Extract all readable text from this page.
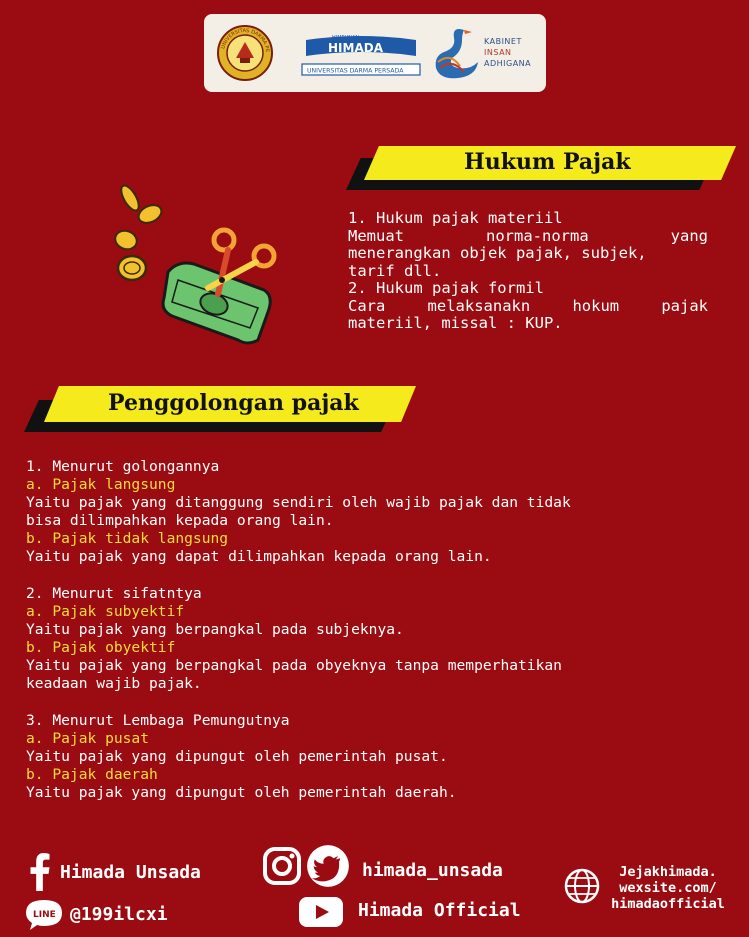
UNIVERSITAS DARMA PE
HIMPUNAN
HIMADA
UNIVERSITAS DARMA PERSADA
KABINET
INSAN
ADHIGANA
Hukum Pajak
1. Hukum pajak materiil
Memuat norma-norma yang
menerangkan objek pajak, subjek,
tarif dll.
2. Hukum pajak formil
Cara melaksanakn hokum pajak
materiil, missal : KUP.
Penggolongan pajak
1. Menurut golongannya
a. Pajak langsung
Yaitu pajak yang ditanggung sendiri oleh wajib pajak dan tidak
bisa dilimpahkan kepada orang lain.
b. Pajak tidak langsung
Yaitu pajak yang dapat dilimpahkan kepada orang lain.
2. Menurut sifatntya
a. Pajak subyektif
Yaitu pajak yang berpangkal pada subjeknya.
b. Pajak obyektif
Yaitu pajak yang berpangkal pada obyeknya tanpa memperhatikan
keadaan wajib pajak.
3. Menurut Lembaga Pemungutnya
a. Pajak pusat
Yaitu pajak yang dipungut oleh pemerintah pusat.
b. Pajak daerah
Yaitu pajak yang dipungut oleh pemerintah daerah.
Himada Unsada
LINE @199ilcxi
himada_unsada
Himada Official
Jejakhimada.
wexsite.com/
himadaofficial
